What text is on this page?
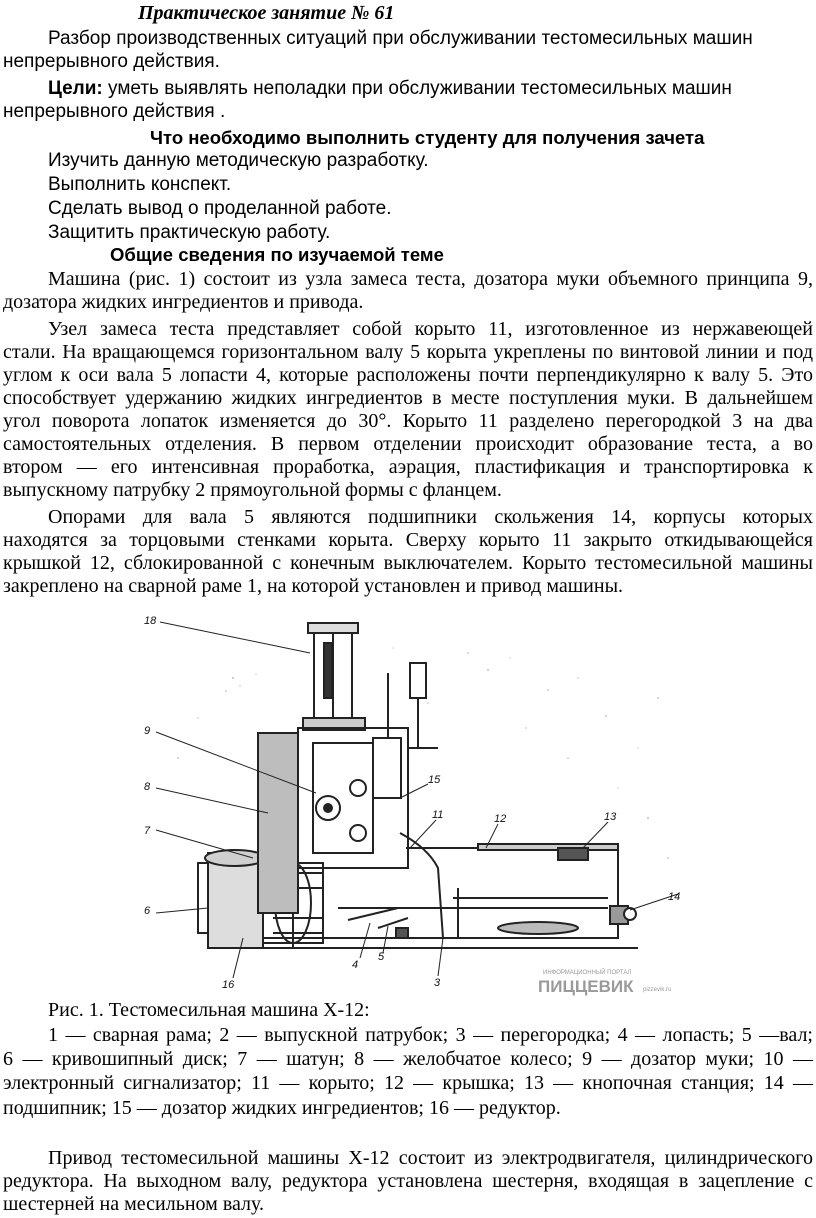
Практическое занятие № 61
Разбор производственных ситуаций при обслуживании тестомесильных машин
непрерывного действия.
Цели: уметь выявлять неполадки при обслуживании тестомесильных машин
непрерывного действия .
Что необходимо выполнить студенту для получения зачета
Изучить данную методическую разработку.
Выполнить конспект.
Сделать вывод о проделанной работе.
Защитить практическую работу.
Общие сведения по изучаемой теме
Машина (рис. 1) состоит из узла замеса теста, дозатора муки объемного принципа 9,
дозатора жидких ингредиентов и привода.
Узел замеса теста представляет собой корыто 11, изготовленное из нержавеющей
стали. На вращающемся горизонтальном валу 5 корыта укреплены по винтовой линии и под
углом к оси вала 5 лопасти 4, которые расположены почти перпендикулярно к валу 5. Это
способствует удержанию жидких ингредиентов в месте поступления муки. В дальнейшем
угол поворота лопаток изменяется до 30°. Корыто 11 разделено перегородкой 3 на два
самостоятельных отделения. В первом отделении происходит образование теста, а во
втором — его интенсивная проработка, аэрация, пластификация и транспортировка к
выпускному патрубку 2 прямоугольной формы с фланцем.
Опорами для вала 5 являются подшипники скольжения 14, корпусы которых
находятся за торцовыми стенками корыта. Сверху корыто 11 закрыто откидывающейся
крышкой 12, сблокированной с конечным выключателем. Корыто тестомесильной машины
закреплено на сварной раме 1, на которой установлен и привод машины.
18
9
8
7
6
16
15
11	12	13
14
5
4
3
ИНФОРМАЦИОННЫЙ ПОРТАЛ
ПИЦЦЕВИК pizzevik.ru
Рис. 1. Тестомесильная машина Х-12:
1 — сварная рама; 2 — выпускной патрубок; 3 — перегородка; 4 — лопасть; 5 —вал;
6 — кривошипный диск; 7 — шатун; 8 — желобчатое колесо; 9 — дозатор муки; 10 —
электронный сигнализатор; 11 — корыто; 12 — крышка; 13 — кнопочная станция; 14 —
подшипник; 15 — дозатор жидких ингредиентов; 16 — редуктор.
Привод тестомесильной машины Х-12 состоит из электродвигателя, цилиндрического
редуктора. На выходном валу, редуктора установлена шестерня, входящая в зацепление с
шестерней на месильном валу.
